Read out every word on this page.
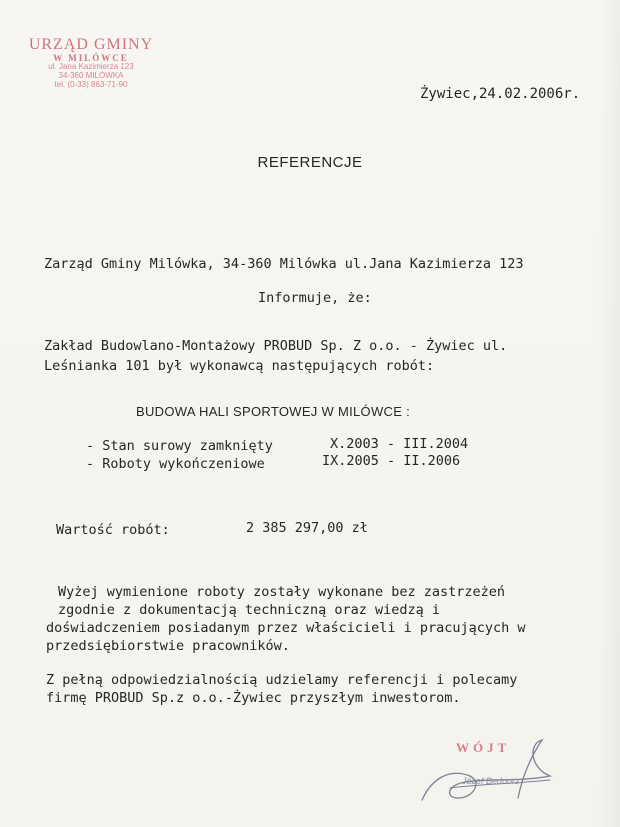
URZĄD GMINY
W MILÓWCE
ul. Jana Kazimierza 123
34-360 MILÓWKA
tel. (0-33) 863-71-90
Żywiec,24.02.2006r.
REFERENCJE
Zarząd Gminy Milówka, 34-360 Milówka ul.Jana Kazimierza 123
Informuje, że:
Zakład Budowlano-Montażowy PROBUD Sp. Z o.o. - Żywiec ul.
Leśnianka 101 był wykonawcą następujących robót:
BUDOWA HALI SPORTOWEJ W MILÓWCE :
- Stan surowy zamknięty	X.2003 - III.2004
- Roboty wykończeniowe	IX.2005 - II.2006
Wartość robót:	2 385 297,00 zł
Wyżej wymienione roboty zostały wykonane bez zastrzeżeń
zgodnie z dokumentacją techniczną oraz wiedzą i
doświadczeniem posiadanym przez właścicieli i pracujących w
przedsiębiorstwie pracowników.
Z pełną odpowiedzialnością udzielamy referencji i polecamy
firmę PROBUD Sp.z o.o.-Żywiec przyszłym inwestorom.
WÓJT
Józef Bednorz
